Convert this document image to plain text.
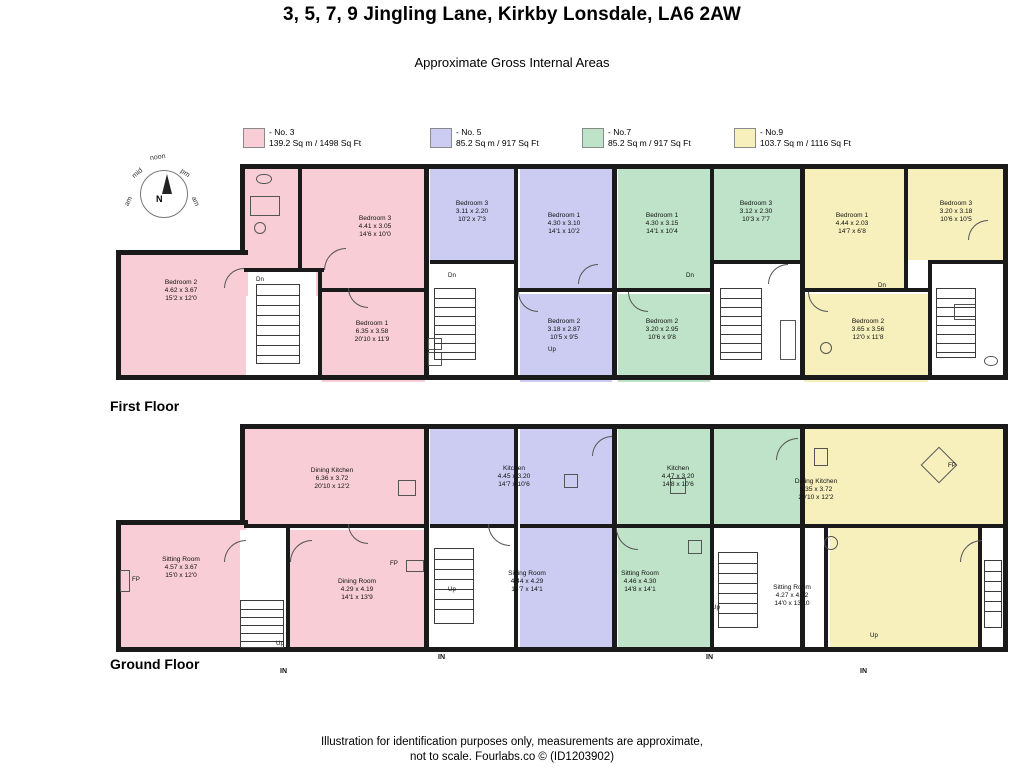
3, 5, 7, 9 Jingling Lane, Kirkby Lonsdale, LA6 2AW
Approximate Gross Internal Areas
- No. 3
139.2 Sq m / 1498 Sq Ft
- No. 5
85.2 Sq m / 917 Sq Ft
- No.7
85.2 Sq m / 917 Sq Ft
- No.9
103.7 Sq m / 1116 Sq Ft
N
am
mid
noon
pm
am
Dn
Dn
Up
Dn
Dn
Bedroom 2
4.62 x 3.67
15'2 x 12'0
Bedroom 3
4.41 x 3.05
14'6 x 10'0
Bedroom 1
6.35 x 3.58
20'10 x 11'9
Bedroom 3
3.11 x 2.20
10'2 x 7'3
Bedroom 1
4.30 x 3.10
14'1 x 10'2
Bedroom 2
3.18 x 2.87
10'5 x 9'5
Bedroom 1
4.30 x 3.15
14'1 x 10'4
Bedroom 3
3.12 x 2.30
10'3 x 7'7
Bedroom 2
3.20 x 2.95
10'6 x 9'8
Bedroom 1
4.44 x 2.03
14'7 x 6'8
Bedroom 3
3.20 x 3.18
10'6 x 10'5
Bedroom 2
3.65 x 3.56
12'0 x 11'8
First Floor
FP
FP
FP
Up
Up
Up
Up
IN
IN	IN
IN
Sitting Room
4.57 x 3.67
15'0 x 12'0
Dining Kitchen
6.36 x 3.72
20'10 x 12'2
Dining Room
4.29 x 4.19
14'1 x 13'9
Kitchen
4.45 x 3.20
14'7 x 10'6
Sitting Room
4.44 x 4.29
14'7 x 14'1
Kitchen
4.47 x 3.20
14'8 x 10'6
Sitting Room
4.46 x 4.30
14'8 x 14'1
Dining Kitchen
6.35 x 3.72
20'10 x 12'2
Sitting Room
4.27 x 4.22
14'0 x 13'10
Ground Floor
Illustration for identification purposes only, measurements are approximate,
not to scale. Fourlabs.co © (ID1203902)
